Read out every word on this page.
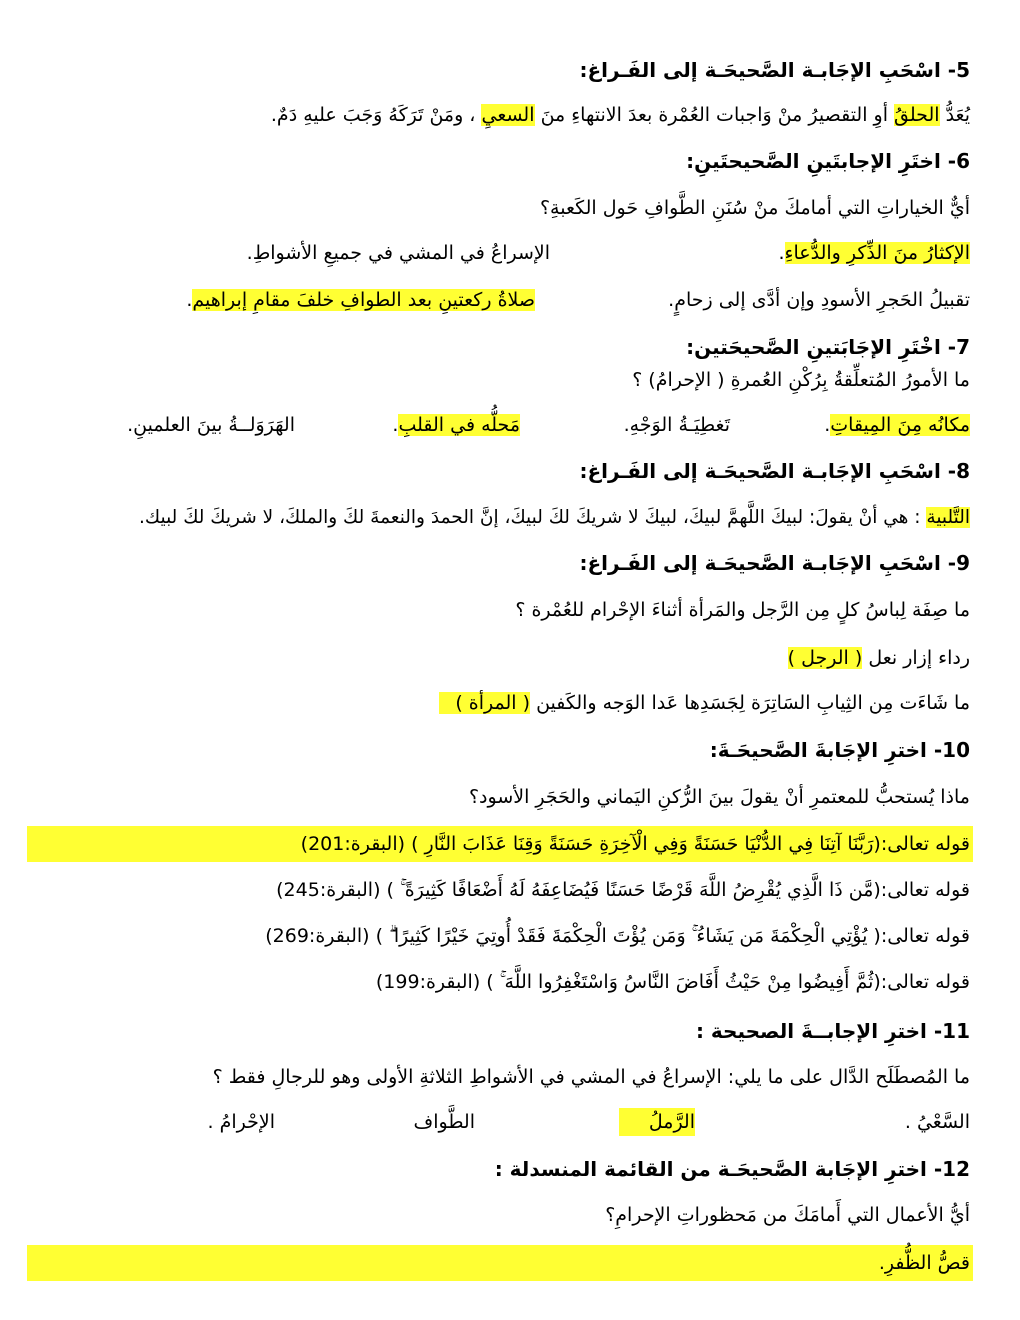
5- اسْحَبِ الإجَابـة الصَّحيحَـة إلى الفَـراغ:
يُعَدُّ الحلقُ أوِ التقصيرُ منْ وَاجبات العُمْرة بعدَ الانتهاءِ منَ السعيِ ، ومَنْ تَرَكَهُ وَجَبَ عليهِ دَمٌ.
6- اختَرِ الإجابتَينِ الصَّحيحتَينِ:
أيٌّ الخياراتِ التي أمامكَ منْ سُنَنِ الطَّوافِ حَول الكَعبةِ؟
الإكثارُ منَ الذِّكرِ والدُّعاءِ.
الإسراعُ في المشي في جميعِ الأشواطِ.
تقبيلُ الحَجرِ الأسودِ وإن أدَّى إلى زحامٍ.
صلاةُ ركعتينِ بعد الطوافِ خلفَ مقامِ إبراهيم.
7- اخْتَرِ الإجَابَتينِ الصَّحيحَتين:
ما الأمورُ المُتعلِّقةُ بِرُكْنِ العُمرةِ ( الإحرامُ) ؟
مكانُه مِنَ المِيقاتِ.
تَغطِيَـةُ الوَجْهِ.
مَحلُّه في القلبِ.
الهَرَوَلــةُ بينَ العلمينِ.
8- اسْحَبِ الإجَابـة الصَّحيحَـة إلى الفَـراغ:
التَّلبية : هي أنْ يقولَ: لبيكَ اللَّهمَّ لبيكَ، لبيكَ لا شريكَ لكَ لبيكَ، إنَّ الحمدَ والنعمةَ لكَ والملكَ، لا شريكَ لكَ لبيك.
9- اسْحَبِ الإجَابـة الصَّحيحَـة إلى الفَـراغ:
ما صِفَة لِباسُ كلٍ مِن الرَّجل والمَرأة أثناءَ الإحْرام للعُمْرة ؟
رداء إزار نعل ( الرجل )
ما شَاءَت مِن الثِيابِ السَاتِرَة لِجَسَدِها عَدا الوَجه والكَفين ( المرأة )
10- اخترِ الإجَابةَ الصَّحيحَـةَ:
ماذا يُستحبُّ للمعتمرِ أنْ يقولَ بينَ الرُّكنِ اليَماني والحَجَرِ الأسود؟
قوله تعالى:(رَبَّنَا آتِنَا فِي الدُّنْيَا حَسَنَةً وَفِي الْآخِرَةِ حَسَنَةً وَقِنَا عَذَابَ النَّارِ ) (البقرة:201)
قوله تعالى:(مَّن ذَا الَّذِي يُقْرِضُ اللَّهَ قَرْضًا حَسَنًا فَيُضَاعِفَهُ لَهُ أَضْعَافًا كَثِيرَةً ۚ ) (البقرة:245)
قوله تعالى:( يُؤْتِي الْحِكْمَةَ مَن يَشَاءُ ۚ وَمَن يُؤْتَ الْحِكْمَةَ فَقَدْ أُوتِيَ خَيْرًا كَثِيرًا ۗ ) (البقرة:269)
قوله تعالى:(ثُمَّ أَفِيضُوا مِنْ حَيْثُ أَفَاضَ النَّاسُ وَاسْتَغْفِرُوا اللَّهَ ۚ ) (البقرة:199)
11- اخترِ الإجابــةَ الصحيحة :
ما المُصطَلَح الدَّال على ما يلي: الإسراعُ في المشي في الأشواطِ الثلاثةِ الأولى وهو للرجالِ فقط ؟
السَّعْيُ .
الرَّملُ
الطَّواف
الإحْرامُ .
12- اخترِ الإجَابة الصَّحيحَـة من القائمة المنسدلة :
أيُّ الأعمال التي أَمامَكَ من مَحظوراتِ الإحرامِ؟
قصُّ الظُّفرِ.
